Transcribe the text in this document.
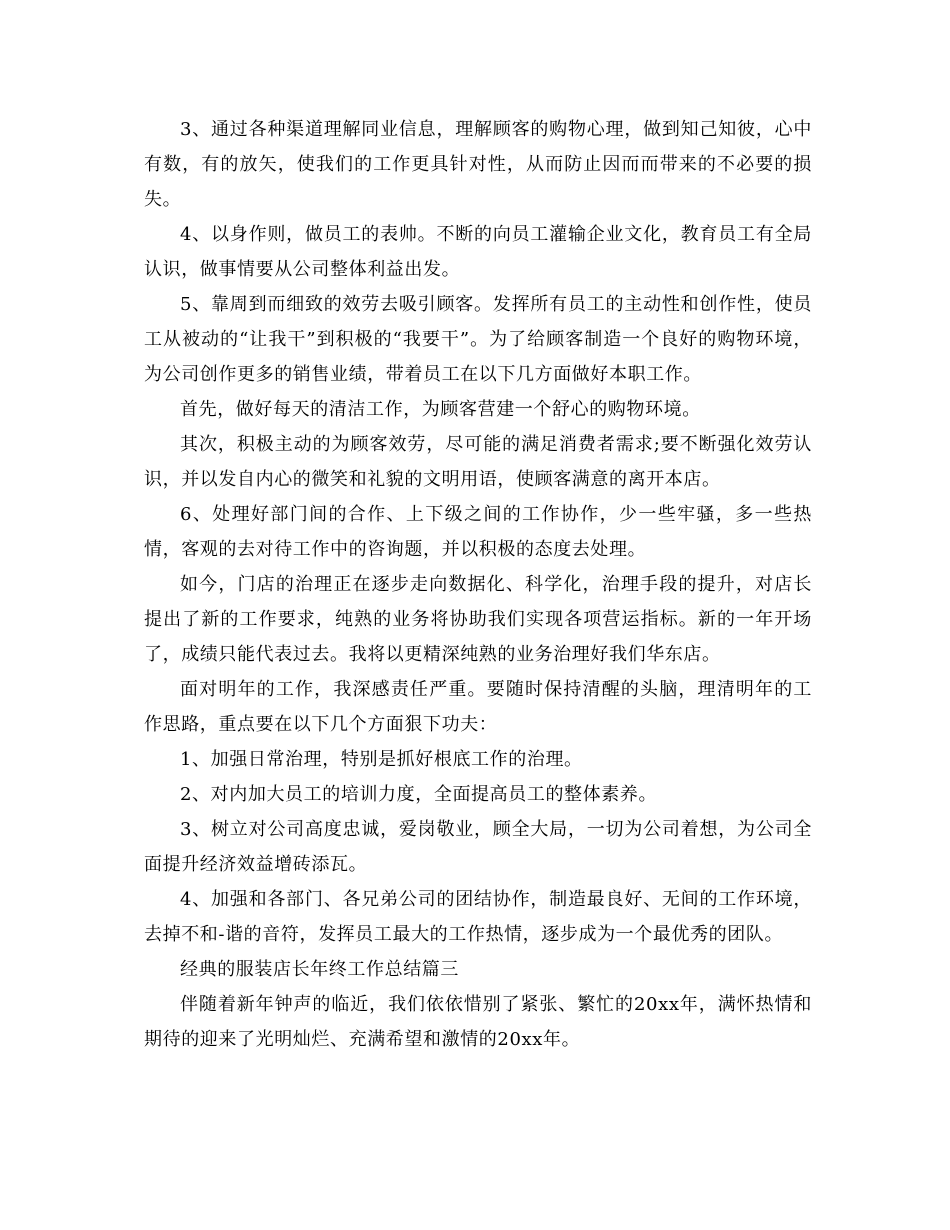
3、通过各种渠道理解同业信息，理解顾客的购物心理，做到知己知彼，心中有数，有的放矢，使我们的工作更具针对性，从而防止因而而带来的不必要的损失。

4、以身作则，做员工的表帅。不断的向员工灌输企业文化，教育员工有全局认识，做事情要从公司整体利益出发。

5、靠周到而细致的效劳去吸引顾客。发挥所有员工的主动性和创作性，使员工从被动的“让我干”到积极的“我要干”。为了给顾客制造一个良好的购物环境，为公司创作更多的销售业绩，带着员工在以下几方面做好本职工作。

首先，做好每天的清洁工作，为顾客营建一个舒心的购物环境。

其次，积极主动的为顾客效劳，尽可能的满足消费者需求;要不断强化效劳认识，并以发自内心的微笑和礼貌的文明用语，使顾客满意的离开本店。

6、处理好部门间的合作、上下级之间的工作协作，少一些牢骚，多一些热情，客观的去对待工作中的咨询题，并以积极的态度去处理。

如今，门店的治理正在逐步走向数据化、科学化，治理手段的提升，对店长提出了新的工作要求，纯熟的业务将协助我们实现各项营运指标。新的一年开场了，成绩只能代表过去。我将以更精深纯熟的业务治理好我们华东店。

面对明年的工作，我深感责任严重。要随时保持清醒的头脑，理清明年的工作思路，重点要在以下几个方面狠下功夫：

1、加强日常治理，特别是抓好根底工作的治理。

2、对内加大员工的培训力度，全面提高员工的整体素养。

3、树立对公司高度忠诚，爱岗敬业，顾全大局，一切为公司着想，为公司全面提升经济效益增砖添瓦。

4、加强和各部门、各兄弟公司的团结协作，制造最良好、无间的工作环境，去掉不和-谐的音符，发挥员工最大的工作热情，逐步成为一个最优秀的团队。

经典的服装店长年终工作总结篇三

伴随着新年钟声的临近，我们依依惜别了紧张、繁忙的20xx年，满怀热情和期待的迎来了光明灿烂、充满希望和激情的20xx年。
